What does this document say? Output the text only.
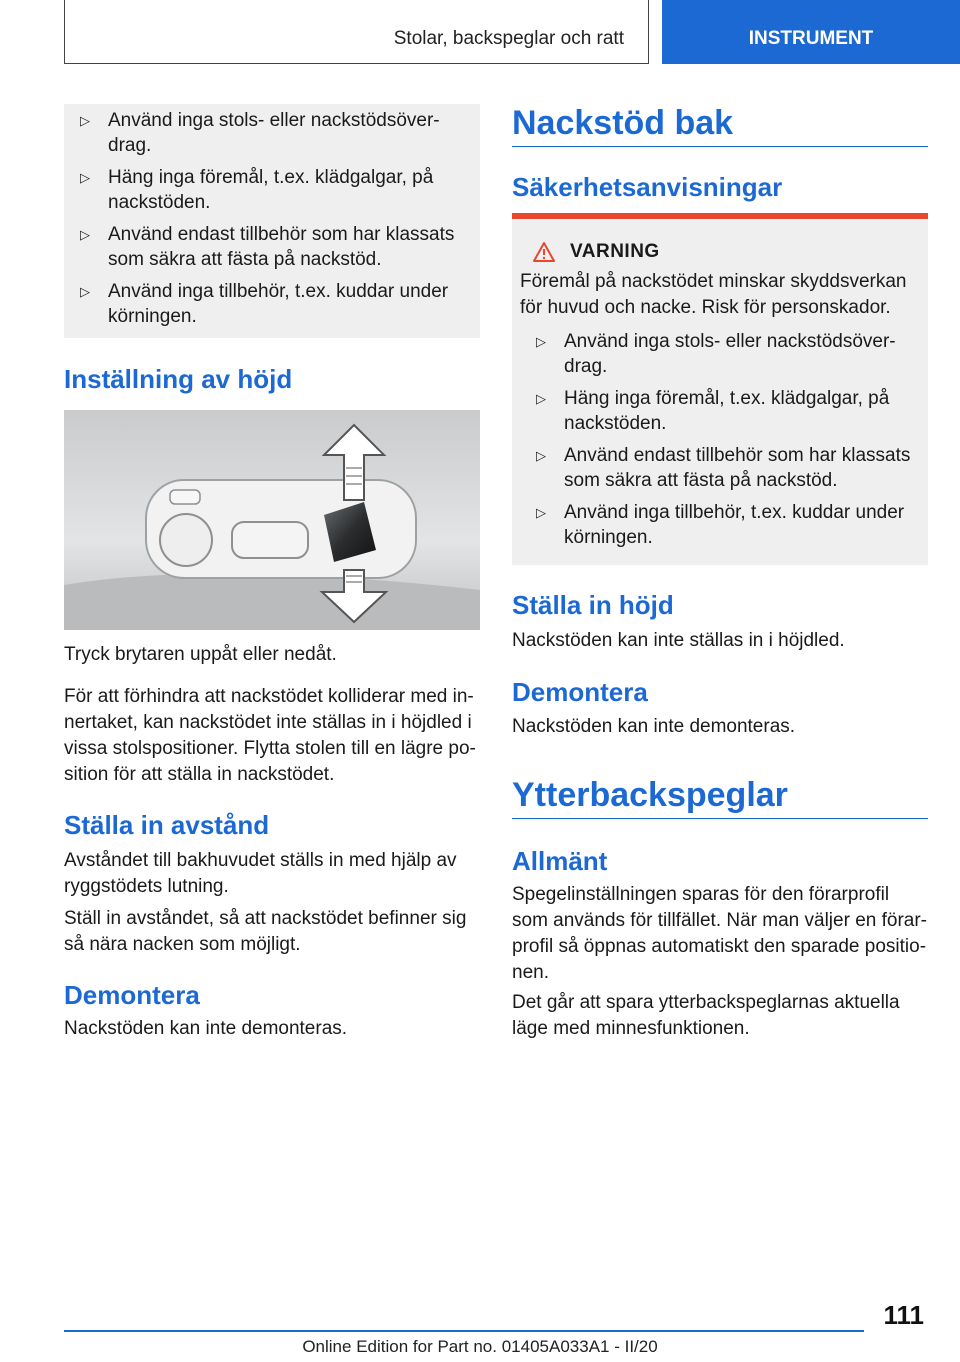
Stolar, backspeglar och ratt	INSTRUMENT
▷ Använd inga stols- eller nackstödsöver-drag.
▷ Häng inga föremål, t.ex. klädgalgar, på nackstöden.
▷ Använd endast tillbehör som har klassats som säkra att fästa på nackstöd.
▷ Använd inga tillbehör, t.ex. kuddar under körningen.
Inställning av höjd

Tryck brytaren uppåt eller nedåt.

För att förhindra att nackstödet kolliderar med in-nertaket, kan nackstödet inte ställas in i höjdled i vissa stolspositioner. Flytta stolen till en lägre po-sition för att ställa in nackstödet.

Ställa in avstånd

Avståndet till bakhuvudet ställs in med hjälp av ryggstödets lutning.

Ställ in avståndet, så att nackstödet befinner sig så nära nacken som möjligt.

Demontera

Nackstöden kan inte demonteras.

Nackstöd bak
Säkerhetsanvisningar
VARNING

Föremål på nackstödet minskar skyddsverkan för huvud och nacke. Risk för personskador.

▷ Använd inga stols- eller nackstödsöver-drag.
▷ Häng inga föremål, t.ex. klädgalgar, på nackstöden.
▷ Använd endast tillbehör som har klassats som säkra att fästa på nackstöd.
▷ Använd inga tillbehör, t.ex. kuddar under körningen.
Ställa in höjd

Nackstöden kan inte ställas in i höjdled.

Demontera

Nackstöden kan inte demonteras.

Ytterbackspeglar
Allmänt

Spegelinställningen sparas för den förarprofil som används för tillfället. När man väljer en förar-profil så öppnas automatiskt den sparade positio-nen.

Det går att spara ytterbackspeglarnas aktuella läge med minnesfunktionen.

111
Online Edition for Part no. 01405A033A1 - II/20
